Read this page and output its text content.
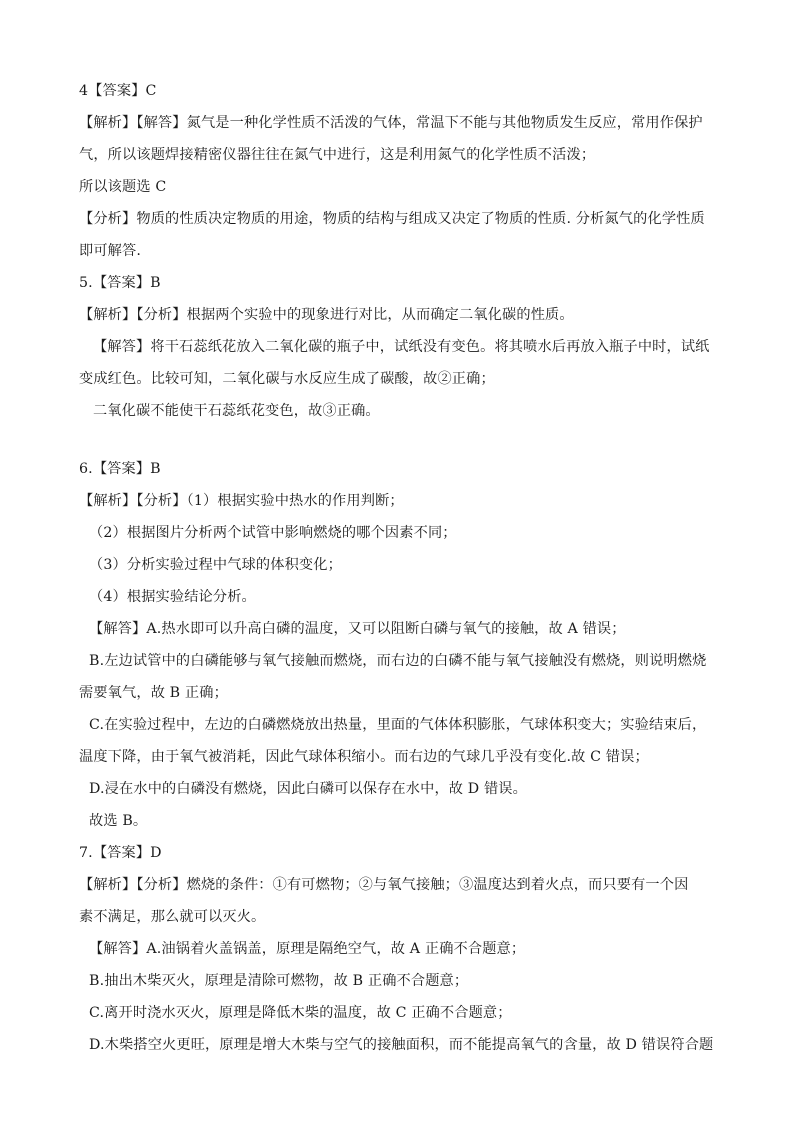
4【答案】C
【解析】【解答】氮气是一种化学性质不活泼的气体，常温下不能与其他物质发生反应，常用作保护
气，所以该题焊接精密仪器往往在氮气中进行，这是利用氮气的化学性质不活泼；
所以该题选 C
【分析】物质的性质决定物质的用途，物质的结构与组成又决定了物质的性质. 分析氮气的化学性质
即可解答.
5.【答案】B
【解析】【分析】根据两个实验中的现象进行对比，从而确定二氧化碳的性质。
【解答】将干石蕊纸花放入二氧化碳的瓶子中，试纸没有变色。将其喷水后再放入瓶子中时，试纸
变成红色。比较可知，二氧化碳与水反应生成了碳酸，故②正确；
二氧化碳不能使干石蕊纸花变色，故③正确。
6.【答案】B
【解析】【分析】（1）根据实验中热水的作用判断；
（2）根据图片分析两个试管中影响燃烧的哪个因素不同；
（3）分析实验过程中气球的体积变化；
（4）根据实验结论分析。
【解答】A.热水即可以升高白磷的温度，又可以阻断白磷与氧气的接触，故 A 错误；
B.左边试管中的白磷能够与氧气接触而燃烧，而右边的白磷不能与氧气接触没有燃烧，则说明燃烧
需要氧气，故 B 正确；
C.在实验过程中，左边的白磷燃烧放出热量，里面的气体体积膨胀，气球体积变大；实验结束后，
温度下降，由于氧气被消耗，因此气球体积缩小。而右边的气球几乎没有变化.故 C 错误；
D.浸在水中的白磷没有燃烧，因此白磷可以保存在水中，故 D 错误。
故选 B。
7.【答案】D
【解析】【分析】燃烧的条件：①有可燃物；②与氧气接触；③温度达到着火点，而只要有一个因
素不满足，那么就可以灭火。
【解答】A.油锅着火盖锅盖，原理是隔绝空气，故 A 正确不合题意；
B.抽出木柴灭火，原理是清除可燃物，故 B 正确不合题意；
C.离开时浇水灭火，原理是降低木柴的温度，故 C 正确不合题意；
D.木柴搭空火更旺，原理是增大木柴与空气的接触面积，而不能提高氧气的含量，故 D 错误符合题
